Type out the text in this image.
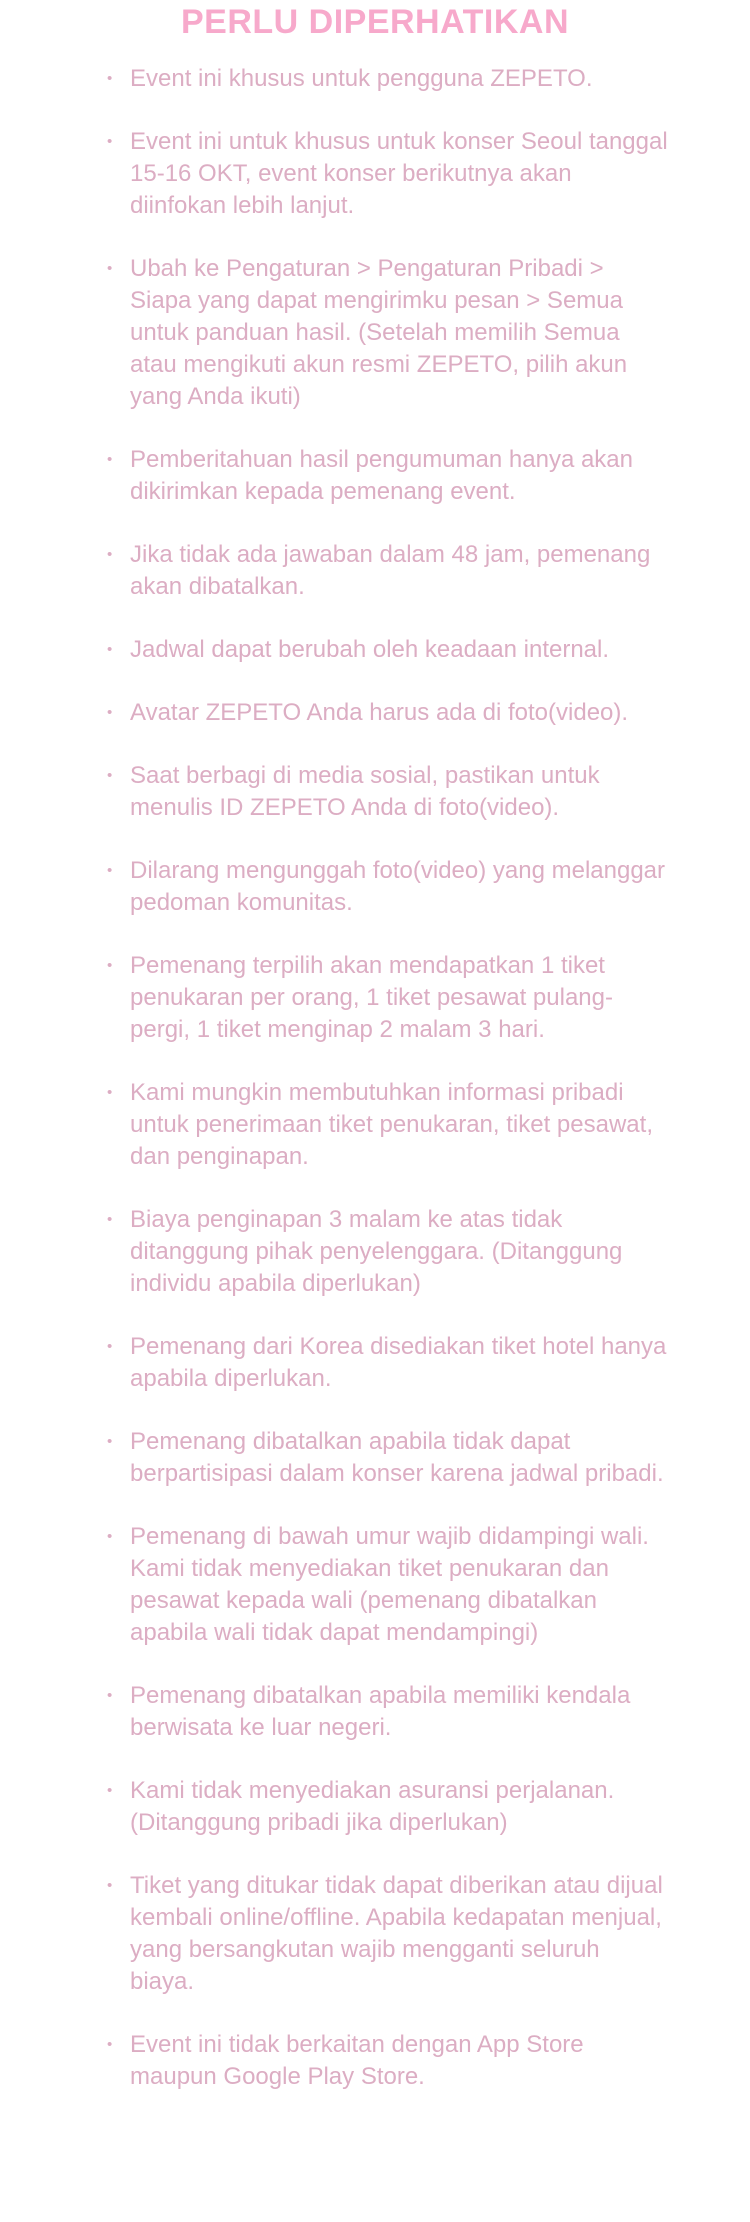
PERLU DIPERHATIKAN
• Event ini khusus untuk pengguna ZEPETO.
• Event ini untuk khusus untuk konser Seoul tanggal 15-16 OKT, event konser berikutnya akan diinfokan lebih lanjut.
• Ubah ke Pengaturan > Pengaturan Pribadi > Siapa yang dapat mengirimku pesan > Semua untuk panduan hasil. (Setelah memilih Semua atau mengikuti akun resmi ZEPETO, pilih akun yang Anda ikuti)
• Pemberitahuan hasil pengumuman hanya akan dikirimkan kepada pemenang event.
• Jika tidak ada jawaban dalam 48 jam, pemenang akan dibatalkan.
• Jadwal dapat berubah oleh keadaan internal.
• Avatar ZEPETO Anda harus ada di foto(video).
• Saat berbagi di media sosial, pastikan untuk menulis ID ZEPETO Anda di foto(video).
• Dilarang mengunggah foto(video) yang melanggar pedoman komunitas.
• Pemenang terpilih akan mendapatkan 1 tiket penukaran per orang, 1 tiket pesawat pulang-pergi, 1 tiket menginap 2 malam 3 hari.
• Kami mungkin membutuhkan informasi pribadi untuk penerimaan tiket penukaran, tiket pesawat, dan penginapan.
• Biaya penginapan 3 malam ke atas tidak ditanggung pihak penyelenggara. (Ditanggung individu apabila diperlukan)
• Pemenang dari Korea disediakan tiket hotel hanya apabila diperlukan.
• Pemenang dibatalkan apabila tidak dapat berpartisipasi dalam konser karena jadwal pribadi.
• Pemenang di bawah umur wajib didampingi wali. Kami tidak menyediakan tiket penukaran dan pesawat kepada wali (pemenang dibatalkan apabila wali tidak dapat mendampingi)
• Pemenang dibatalkan apabila memiliki kendala berwisata ke luar negeri.
• Kami tidak menyediakan asuransi perjalanan. (Ditanggung pribadi jika diperlukan)
• Tiket yang ditukar tidak dapat diberikan atau dijual kembali online/offline. Apabila kedapatan menjual, yang bersangkutan wajib mengganti seluruh biaya.
• Event ini tidak berkaitan dengan App Store maupun Google Play Store.
